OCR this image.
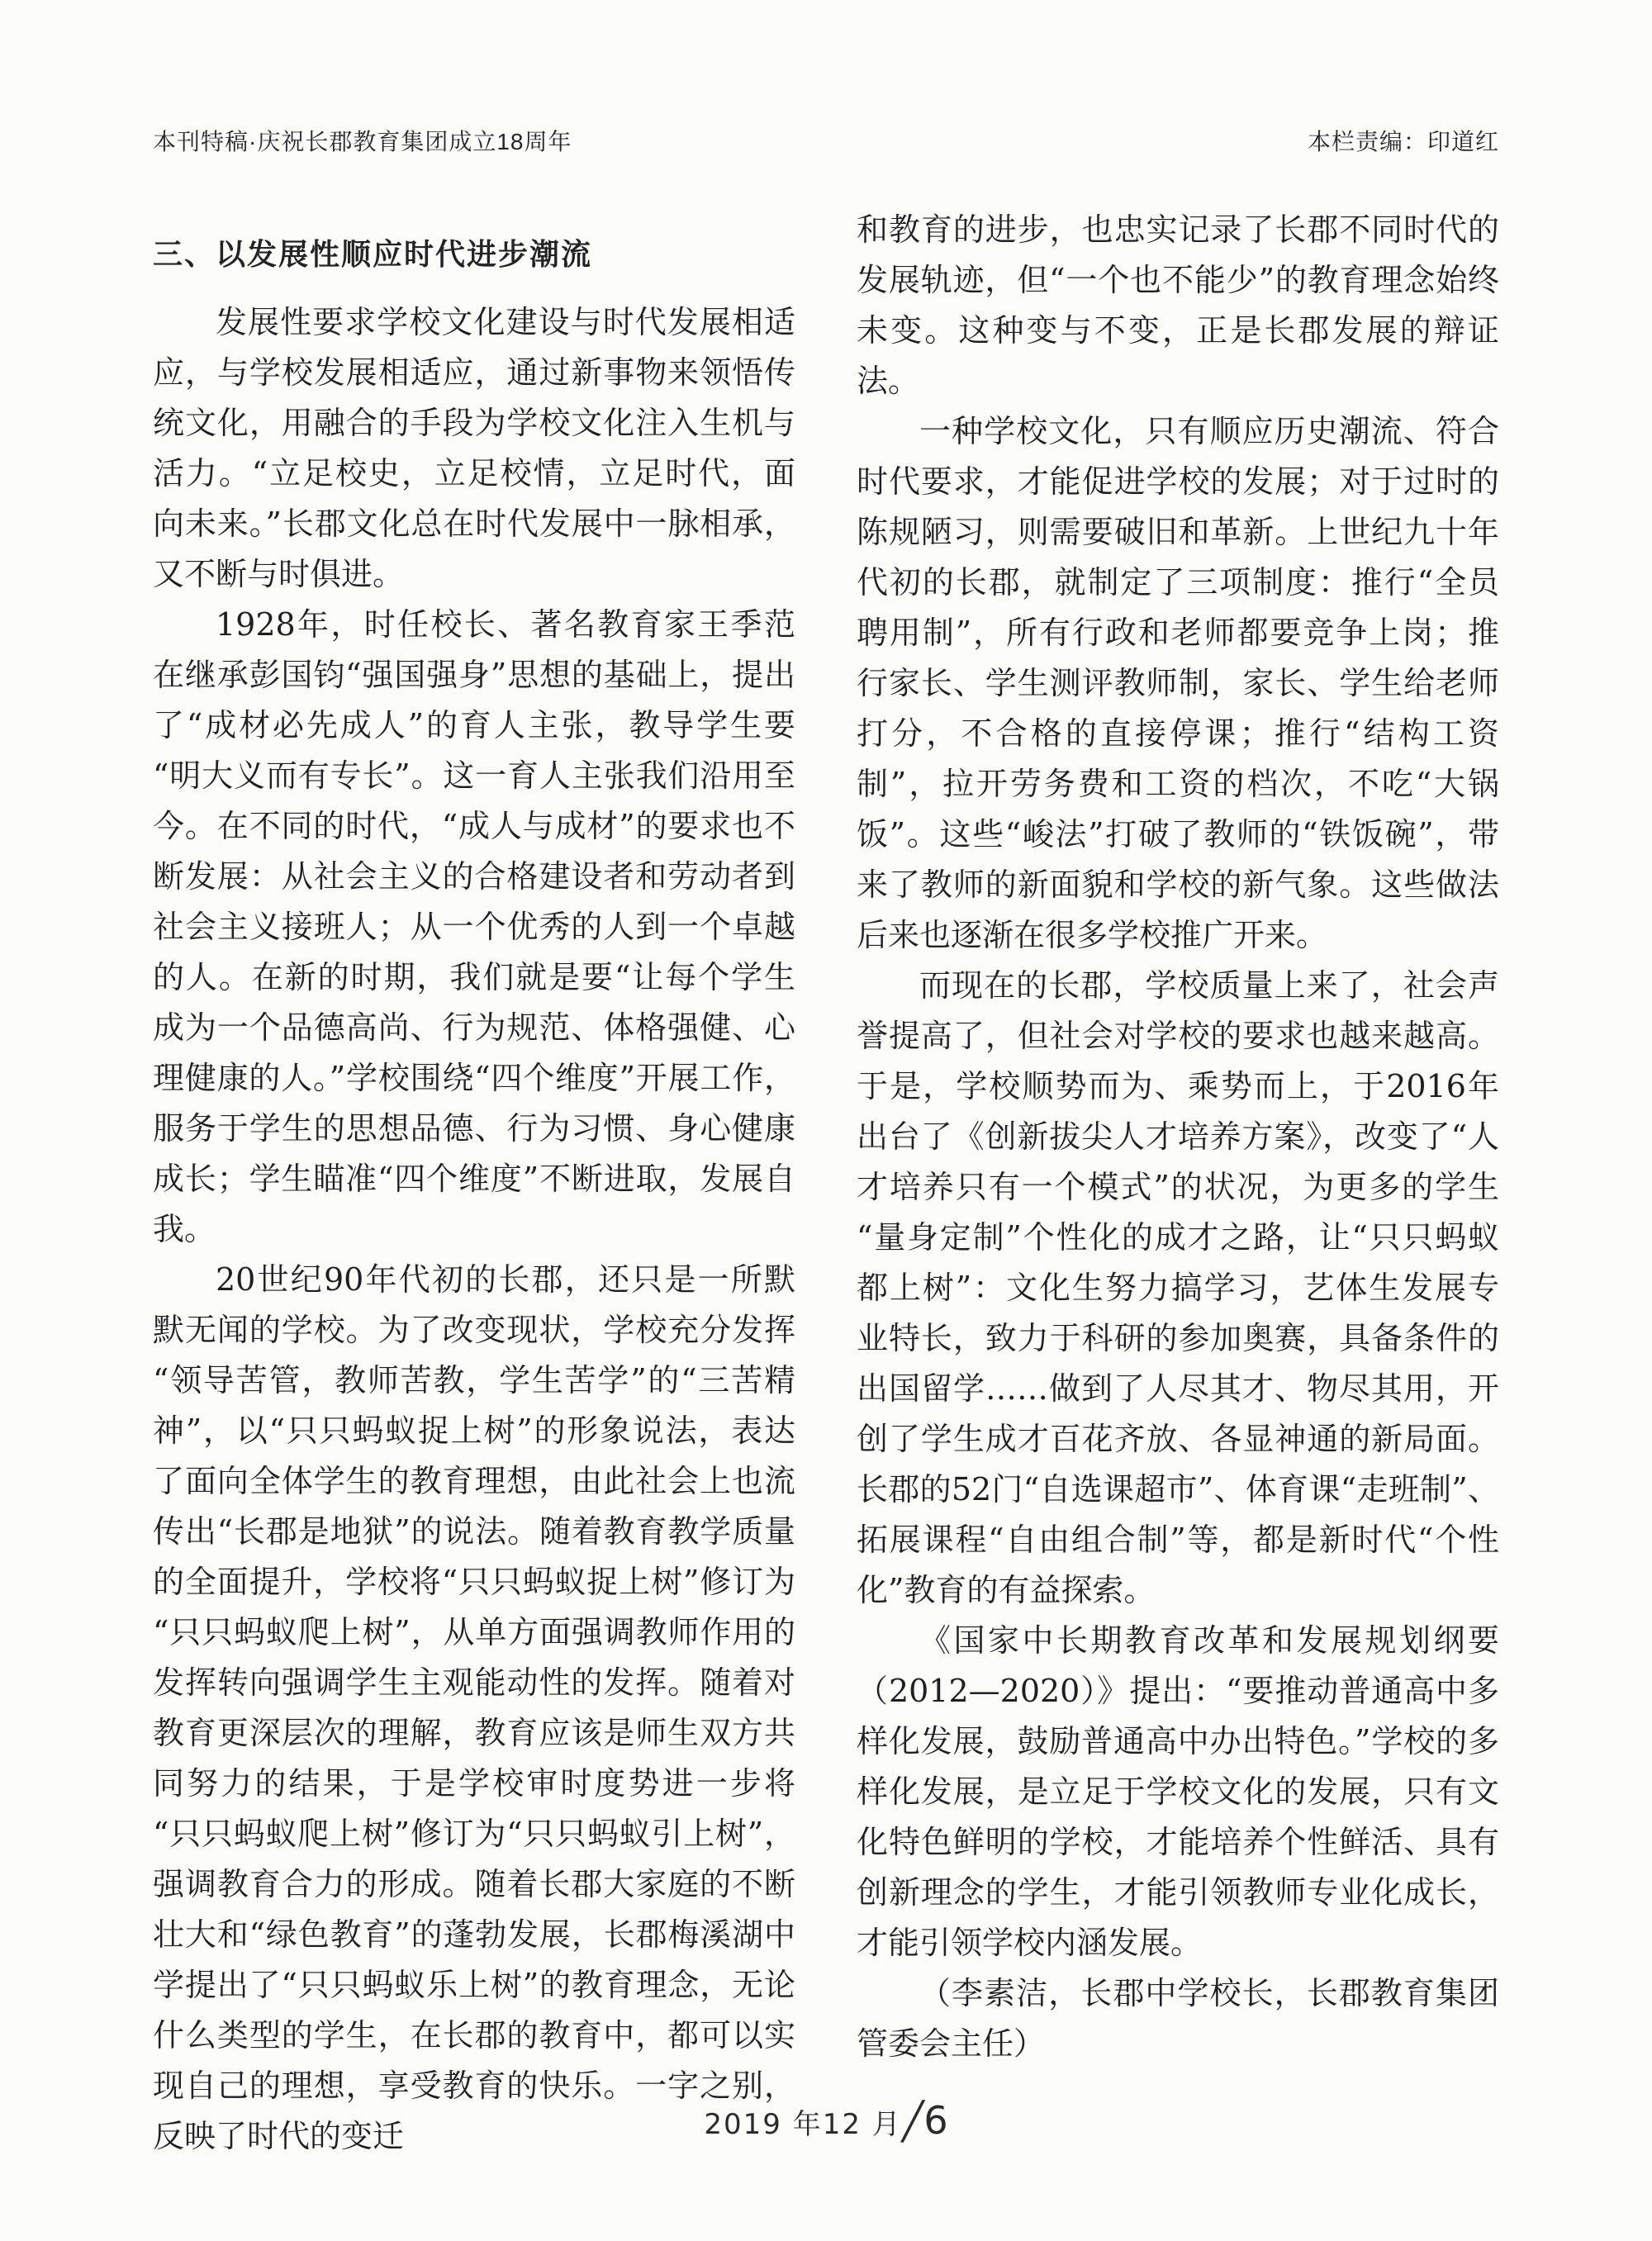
本刊特稿·庆祝长郡教育集团成立18周年	本栏责编：印道红
三、以发展性顺应时代进步潮流

发展性要求学校文化建设与时代发展相适应，与学校发展相适应，通过新事物来领悟传统文化，用融合的手段为学校文化注入生机与活力。“立足校史，立足校情，立足时代，面向未来。”长郡文化总在时代发展中一脉相承，又不断与时俱进。

1928年，时任校长、著名教育家王季范在继承彭国钧“强国强身”思想的基础上，提出了“成材必先成人”的育人主张，教导学生要“明大义而有专长”。这一育人主张我们沿用至今。在不同的时代，“成人与成材”的要求也不断发展：从社会主义的合格建设者和劳动者到社会主义接班人；从一个优秀的人到一个卓越的人。在新的时期，我们就是要“让每个学生成为一个品德高尚、行为规范、体格强健、心理健康的人。”学校围绕“四个维度”开展工作，服务于学生的思想品德、行为习惯、身心健康成长；学生瞄准“四个维度”不断进取，发展自我。

20世纪90年代初的长郡，还只是一所默默无闻的学校。为了改变现状，学校充分发挥“领导苦管，教师苦教，学生苦学”的“三苦精神”，以“只只蚂蚁捉上树”的形象说法，表达了面向全体学生的教育理想，由此社会上也流传出“长郡是地狱”的说法。随着教育教学质量的全面提升，学校将“只只蚂蚁捉上树”修订为“只只蚂蚁爬上树”，从单方面强调教师作用的发挥转向强调学生主观能动性的发挥。随着对教育更深层次的理解，教育应该是师生双方共同努力的结果，于是学校审时度势进一步将“只只蚂蚁爬上树”修订为“只只蚂蚁引上树”，强调教育合力的形成。随着长郡大家庭的不断壮大和“绿色教育”的蓬勃发展，长郡梅溪湖中学提出了“只只蚂蚁乐上树”的教育理念，无论什么类型的学生，在长郡的教育中，都可以实现自己的理想，享受教育的快乐。一字之别，反映了时代的变迁

和教育的进步，也忠实记录了长郡不同时代的发展轨迹，但“一个也不能少”的教育理念始终未变。这种变与不变，正是长郡发展的辩证法。

一种学校文化，只有顺应历史潮流、符合时代要求，才能促进学校的发展；对于过时的陈规陋习，则需要破旧和革新。上世纪九十年代初的长郡，就制定了三项制度：推行“全员聘用制”，所有行政和老师都要竞争上岗；推行家长、学生测评教师制，家长、学生给老师打分，不合格的直接停课；推行“结构工资制”，拉开劳务费和工资的档次，不吃“大锅饭”。这些“峻法”打破了教师的“铁饭碗”，带来了教师的新面貌和学校的新气象。这些做法后来也逐渐在很多学校推广开来。

而现在的长郡，学校质量上来了，社会声誉提高了，但社会对学校的要求也越来越高。于是，学校顺势而为、乘势而上，于2016年出台了《创新拔尖人才培养方案》，改变了“人才培养只有一个模式”的状况，为更多的学生“量身定制”个性化的成才之路，让“只只蚂蚁都上树”：文化生努力搞学习，艺体生发展专业特长，致力于科研的参加奥赛，具备条件的出国留学……做到了人尽其才、物尽其用，开创了学生成才百花齐放、各显神通的新局面。长郡的52门“自选课超市”、体育课“走班制”、拓展课程“自由组合制”等，都是新时代“个性化”教育的有益探索。

《国家中长期教育改革和发展规划纲要（2012—2020）》提出：“要推动普通高中多样化发展，鼓励普通高中办出特色。”学校的多样化发展，是立足于学校文化的发展，只有文化特色鲜明的学校，才能培养个性鲜活、具有创新理念的学生，才能引领教师专业化成长，才能引领学校内涵发展。

（李素洁，长郡中学校长，长郡教育集团管委会主任）

2019 年12 月╱6
